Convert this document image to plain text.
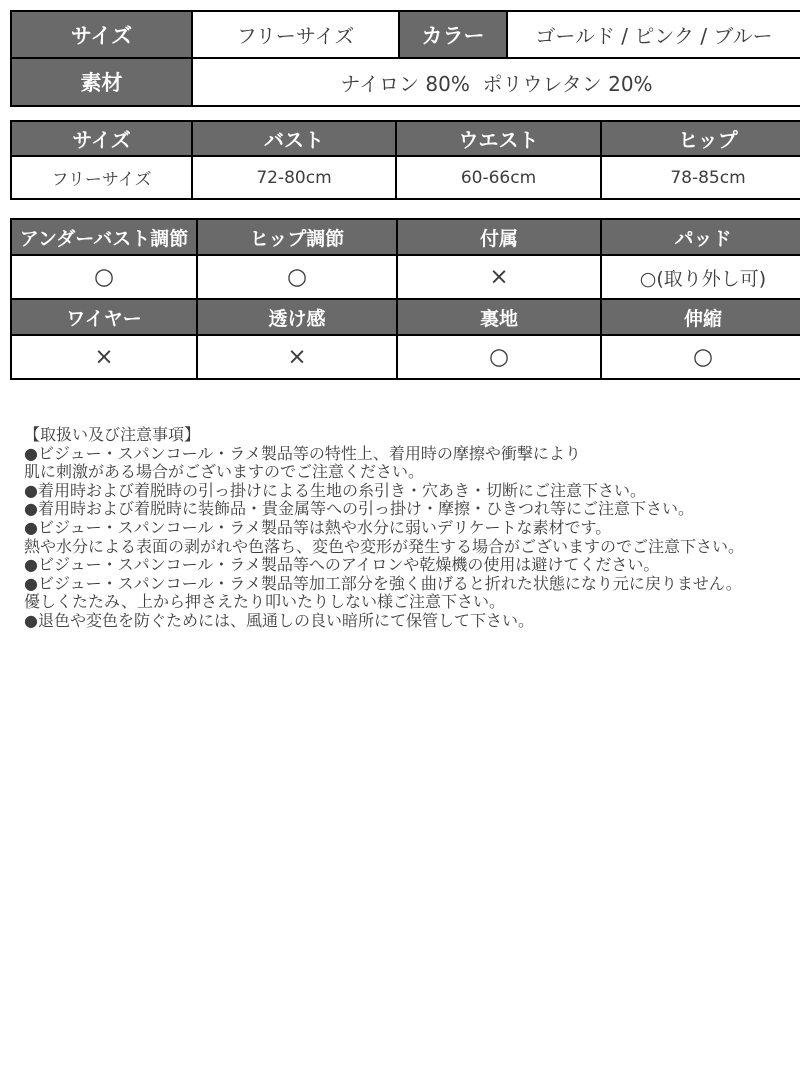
サイズ	フリーサイズ	カラー	ゴールド / ピンク / ブルー
素材	ナイロン 80%  ポリウレタン 20%		
サイズ	バスト	ウエスト	ヒップ
フリーサイズ	72-80cm	60-66cm	78-85cm
アンダーバスト調節	ヒップ調節	付属	パッド
○	○	×	○(取り外し可)
ワイヤー	透け感	裏地	伸縮
×	×	○	○
【取扱い及び注意事項】
●ビジュー・スパンコール・ラメ製品等の特性上、着用時の摩擦や衝撃により
肌に刺激がある場合がございますのでご注意ください。
●着用時および着脱時の引っ掛けによる生地の糸引き・穴あき・切断にご注意下さい。
●着用時および着脱時に装飾品・貴金属等への引っ掛け・摩擦・ひきつれ等にご注意下さい。
●ビジュー・スパンコール・ラメ製品等は熱や水分に弱いデリケートな素材です。
熱や水分による表面の剥がれや色落ち、変色や変形が発生する場合がございますのでご注意下さい。
●ビジュー・スパンコール・ラメ製品等へのアイロンや乾燥機の使用は避けてください。
●ビジュー・スパンコール・ラメ製品等加工部分を強く曲げると折れた状態になり元に戻りません。
優しくたたみ、上から押さえたり叩いたりしない様ご注意下さい。
●退色や変色を防ぐためには、風通しの良い暗所にて保管して下さい。
